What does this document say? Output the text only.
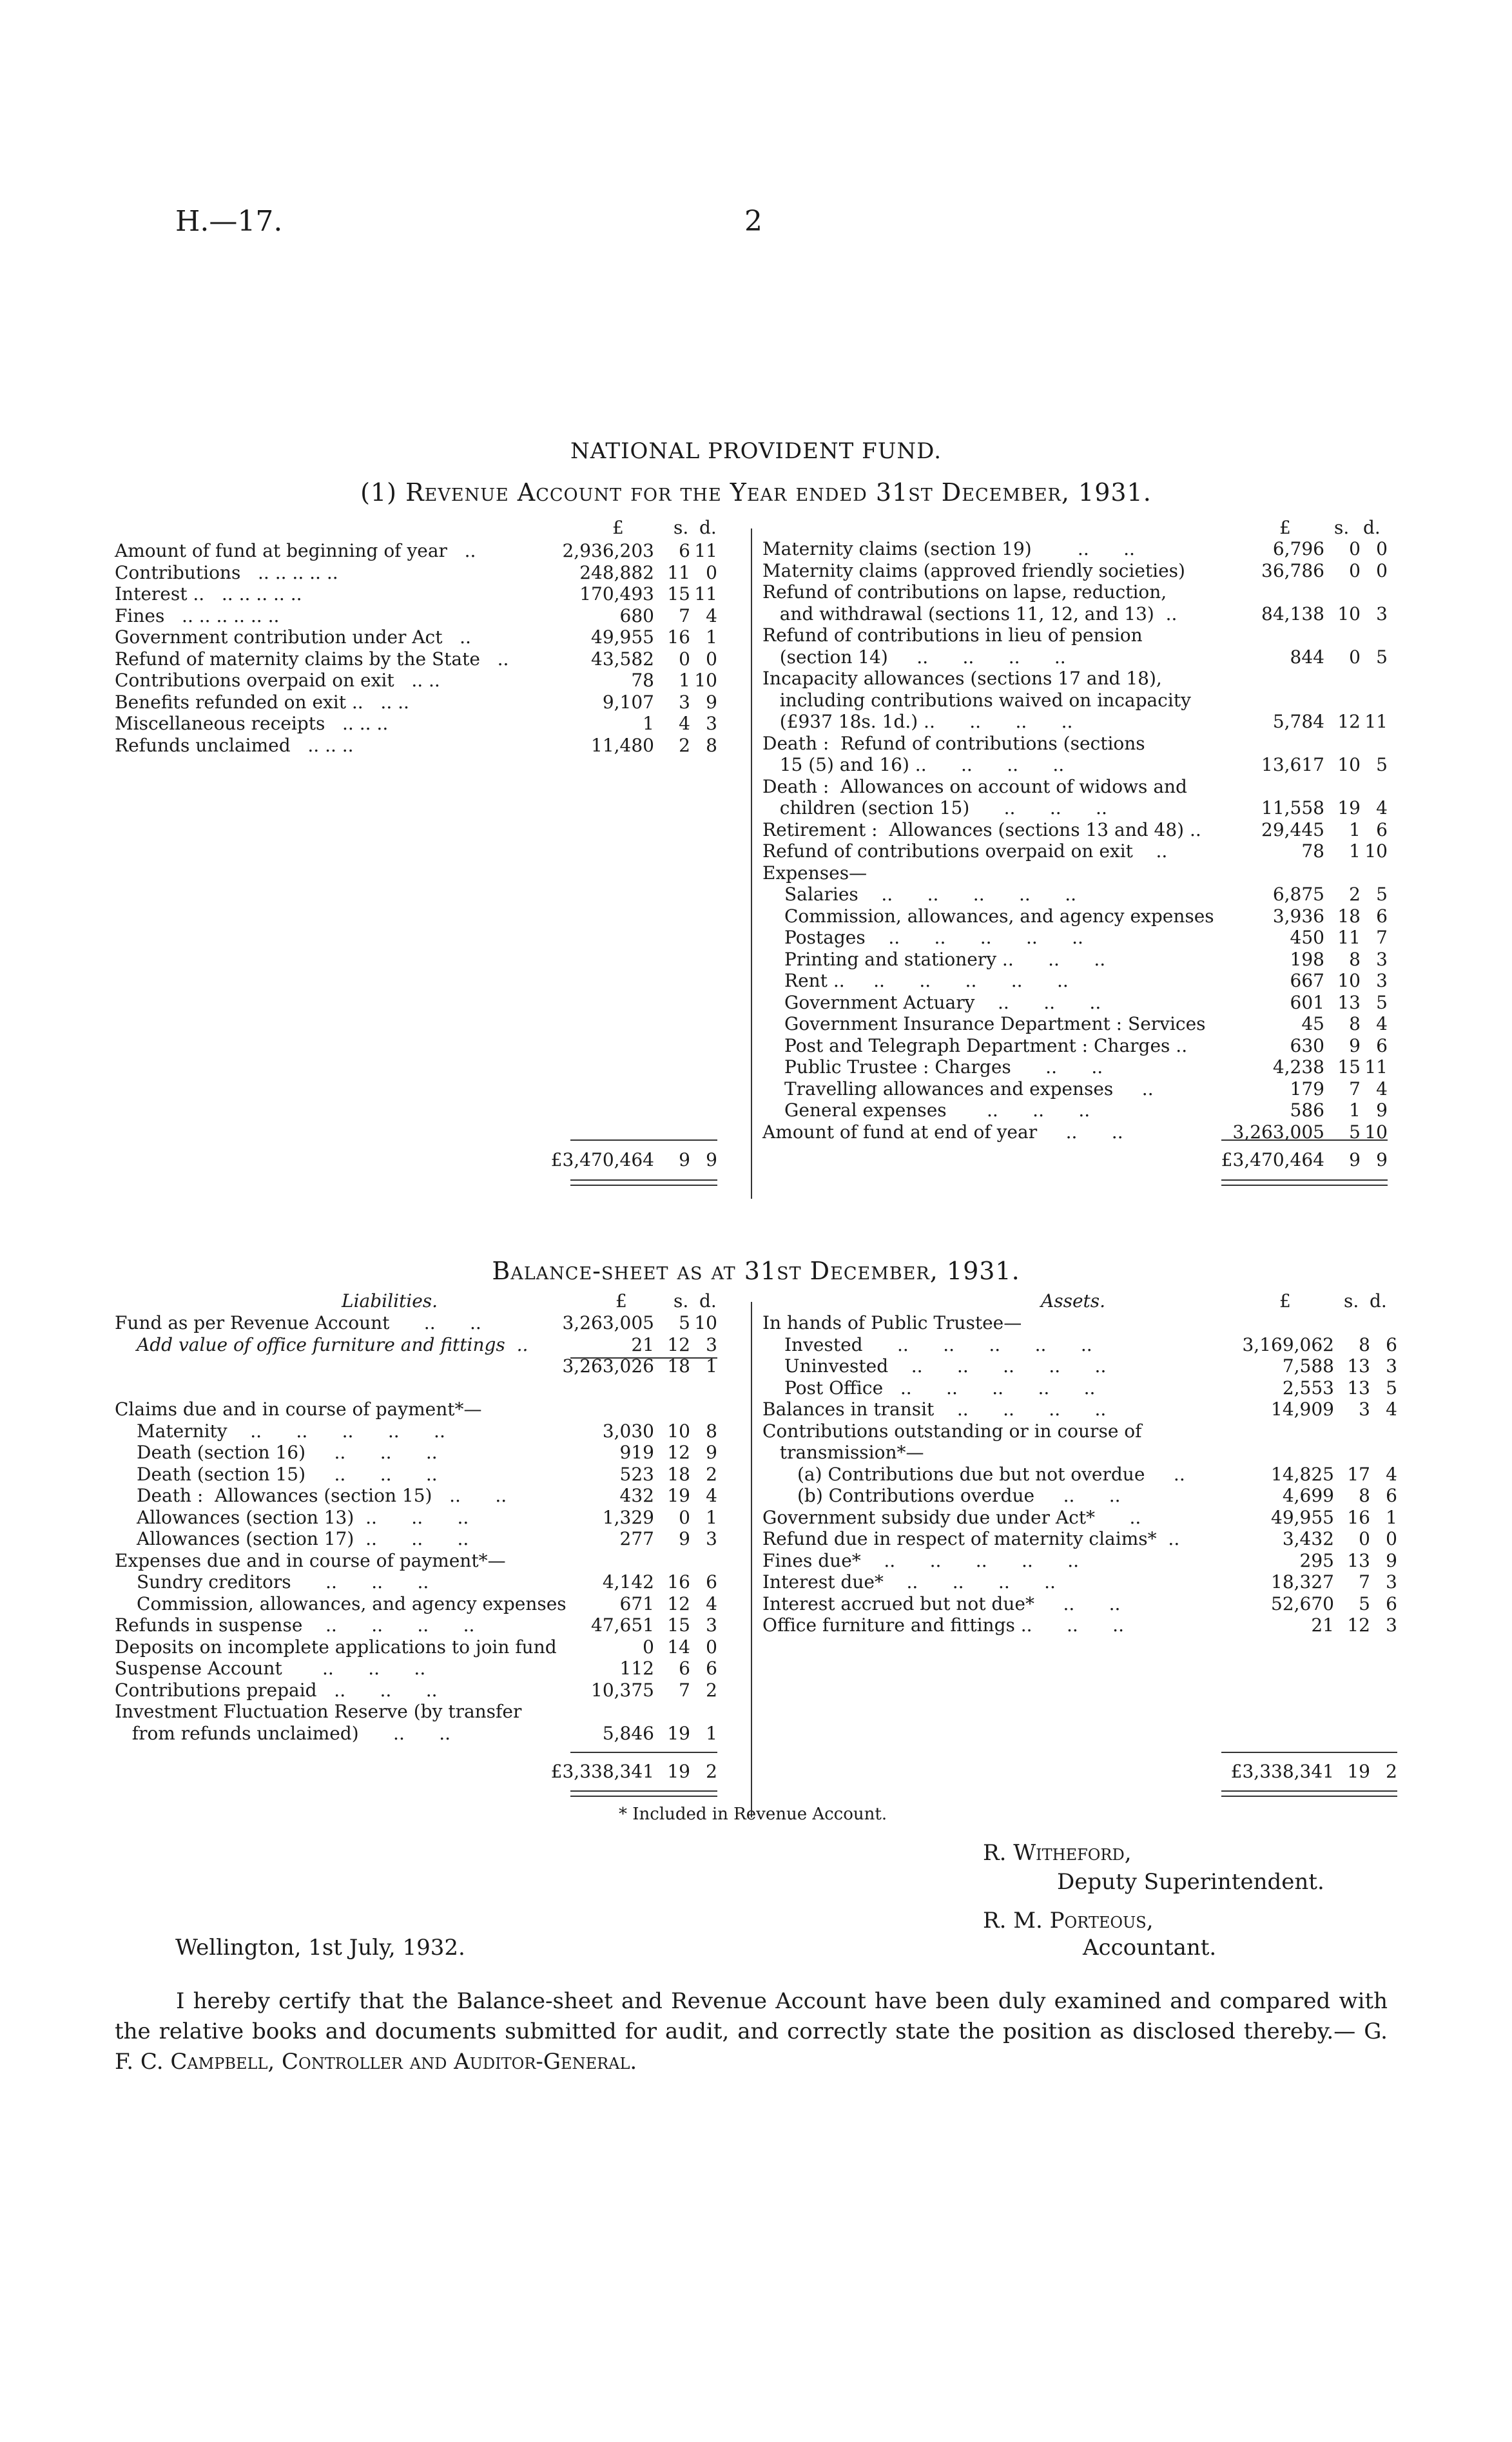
H.—17.	2
NATIONAL PROVIDENT FUND.
(1) Revenue Account for the Year ended 31st December, 1931.
£	s. d.	£ s. d.
Amount of fund at beginning of year   ..	2,936,203 6 11
Contributions   .. .. .. .. ..	248,882 11 0
Interest ..   .. .. .. .. ..	170,493 15 11
Fines   .. .. .. .. .. ..	680 7 4
Government contribution under Act   ..	49,955 16 1
Refund of maternity claims by the State   ..	43,582 0 0
Contributions overpaid on exit   .. ..	78 1 10
Benefits refunded on exit ..   .. ..	9,107 3 9
Miscellaneous receipts   .. .. ..	1 4 3
Refunds unclaimed   .. .. ..	11,480 2 8
Maternity claims (section 19)        ..      ..	6,796 0 0
Maternity claims (approved friendly societies)	36,786 0 0
Refund of contributions on lapse, reduction,
and withdrawal (sections 11, 12, and 13)  ..	84,138 10 3
Refund of contributions in lieu of pension
(section 14)     ..      ..      ..      ..	844 0 5
Incapacity allowances (sections 17 and 18),
including contributions waived on incapacity
(£937 18s. 1d.) ..      ..      ..      ..	5,784 12 11
Death :  Refund of contributions (sections
15 (5) and 16) ..      ..      ..      ..	13,617 10 5
Death :  Allowances on account of widows and
children (section 15)      ..      ..      ..	11,558 19 4
Retirement :  Allowances (sections 13 and 48) ..	29,445 1 6
Refund of contributions overpaid on exit    ..	78 1 10
Expenses—
Salaries    ..      ..      ..      ..      ..	6,875 2 5
Commission, allowances, and agency expenses	3,936 18 6
Postages    ..      ..      ..      ..      ..	450 11 7
Printing and stationery ..      ..      ..	198 8 3
Rent ..     ..      ..      ..      ..      ..	667 10 3
Government Actuary    ..      ..      ..	601 13 5
Government Insurance Department : Services	45 8 4
Post and Telegraph Department : Charges ..	630 9 6
Public Trustee : Charges      ..      ..	4,238 15 11
Travelling allowances and expenses     ..	179 7 4
General expenses       ..      ..      ..	586 1 9
Amount of fund at end of year     ..      ..	3,263,005 5 10
£3,470,464 9 9	£3,470,464 9 9
Balance-sheet as at 31st December, 1931.
Liabilities.	Assets.
£	s. d.	£	s. d.
Fund as per Revenue Account      ..      ..	3,263,005 5 10
Add value of office furniture and fittings  ..	21 12 3
3,263,026 18 1
Claims due and in course of payment*—
Maternity    ..      ..      ..      ..      ..	3,030 10 8
Death (section 16)     ..      ..      ..	919 12 9
Death (section 15)     ..      ..      ..	523 18 2
Death :  Allowances (section 15)   ..      ..	432 19 4
Allowances (section 13)  ..      ..      ..	1,329 0 1
Allowances (section 17)  ..      ..      ..	277 9 3
Expenses due and in course of payment*—
Sundry creditors      ..      ..      ..	4,142 16 6
Commission, allowances, and agency expenses	671 12 4
Refunds in suspense    ..      ..      ..      ..	47,651 15 3
Deposits on incomplete applications to join fund	0 14 0
Suspense Account       ..      ..      ..	112 6 6
Contributions prepaid   ..      ..      ..	10,375 7 2
Investment Fluctuation Reserve (by transfer
from refunds unclaimed)      ..      ..	5,846 19 1
In hands of Public Trustee—
Invested      ..      ..      ..      ..      ..	3,169,062 8 6
Uninvested    ..      ..      ..      ..      ..	7,588 13 3
Post Office   ..      ..      ..      ..      ..	2,553 13 5
Balances in transit    ..      ..      ..      ..	14,909 3 4
Contributions outstanding or in course of
transmission*—
(a) Contributions due but not overdue     ..	14,825 17 4
(b) Contributions overdue     ..      ..	4,699 8 6
Government subsidy due under Act*      ..	49,955 16 1
Refund due in respect of maternity claims*  ..	3,432 0 0
Fines due*    ..      ..      ..      ..      ..	295 13 9
Interest due*    ..      ..      ..      ..	18,327 7 3
Interest accrued but not due*     ..      ..	52,670 5 6
Office furniture and fittings ..      ..      ..	21 12 3
£3,338,341 19 2	£3,338,341 19 2
* Included in Revenue Account.
R. Witheford,
Deputy Superintendent.
R. M. Porteous,
Accountant.
Wellington, 1st July, 1932.
I hereby certify that the Balance-sheet and Revenue Account have been duly examined and compared with the relative books and documents submitted for audit, and correctly state the position as disclosed thereby.— G. F. C. Campbell, Controller and Auditor-General.
